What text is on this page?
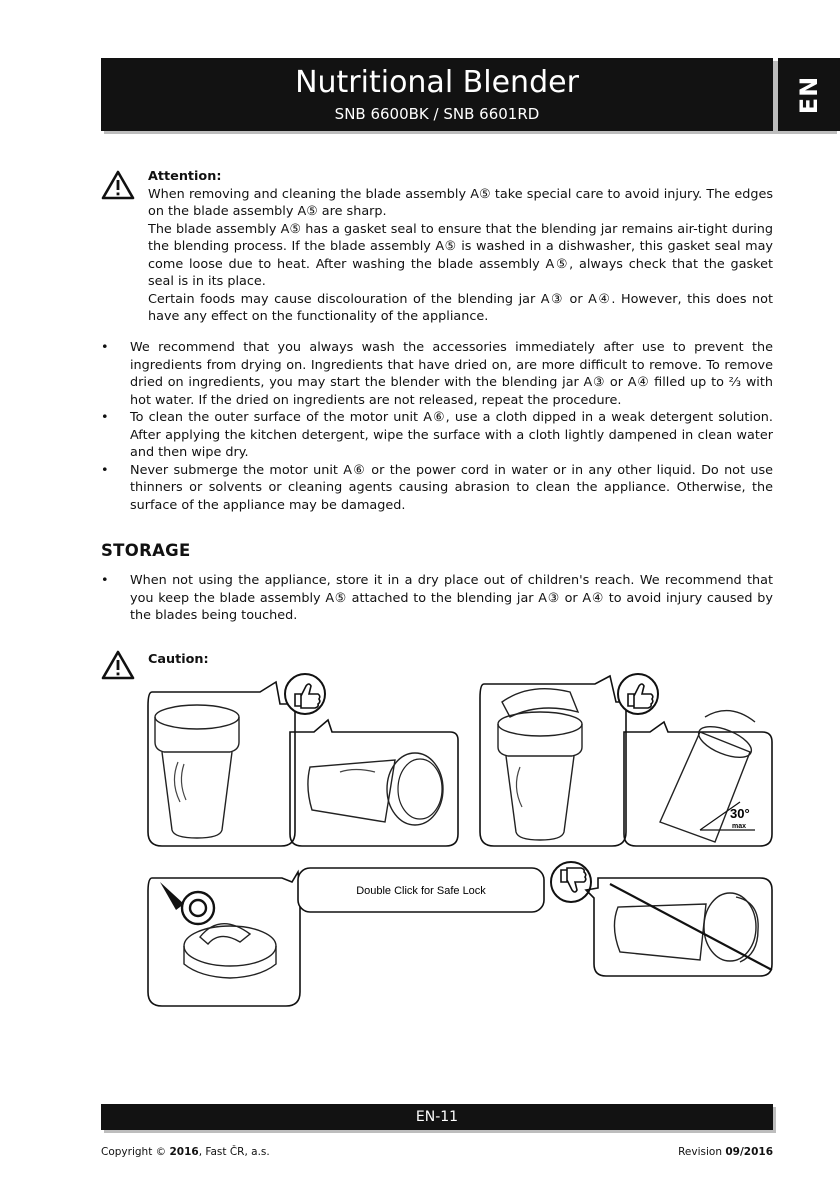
Nutritional Blender
SNB 6600BK / SNB 6601RD
EN

Attention:

When removing and cleaning the blade assembly A⑤ take special care to avoid injury. The edges on the blade assembly A⑤ are sharp.

The blade assembly A⑤ has a gasket seal to ensure that the blending jar remains air-tight during the blending process. If the blade assembly A⑤ is washed in a dishwasher, this gasket seal may come loose due to heat. After washing the blade assembly A⑤, always check that the gasket seal is in its place.

Certain foods may cause discolouration of the blending jar A③ or A④. However, this does not have any effect on the functionality of the appliance.

• We recommend that you always wash the accessories immediately after use to prevent the ingredients from drying on. Ingredients that have dried on, are more difficult to remove. To remove dried on ingredients, you may start the blender with the blending jar A③ or A④ filled up to ⅔ with hot water. If the dried on ingredients are not released, repeat the procedure.
• To clean the outer surface of the motor unit A⑥, use a cloth dipped in a weak detergent solution. After applying the kitchen detergent, wipe the surface with a cloth lightly dampened in clean water and then wipe dry.
• Never submerge the motor unit A⑥ or the power cord in water or in any other liquid. Do not use thinners or solvents or cleaning agents causing abrasion to clean the appliance. Otherwise, the surface of the appliance may be damaged.
STORAGE
• When not using the appliance, store it in a dry place out of children's reach. We recommend that you keep the blade assembly A⑤ attached to the blending jar A③ or A④ to avoid injury caused by the blades being touched.
Caution:
30°
max
Double Click for Safe Lock
EN-11
Copyright © 2016, Fast ČR, a.s.	Revision 09/2016
